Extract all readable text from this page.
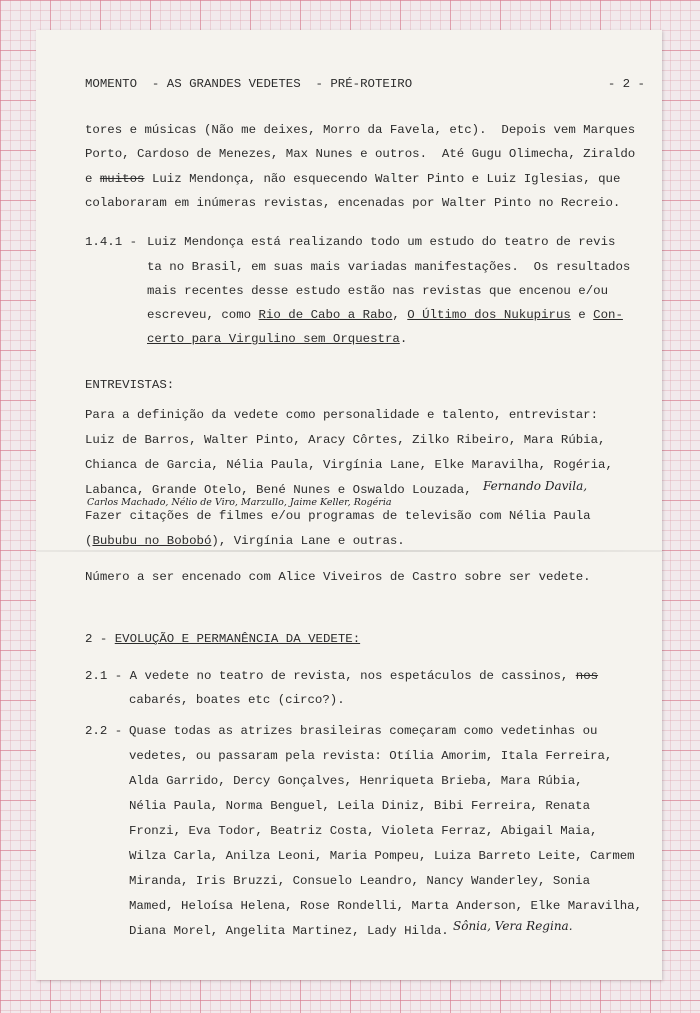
MOMENTO  - AS GRANDES VEDETES  - PRÉ-ROTEIRO	- 2 -
tores e músicas (Não me deixes, Morro da Favela, etc).  Depois vem Marques
Porto, Cardoso de Menezes, Max Nunes e outros.  Até Gugu Olimecha, Ziraldo
e muitos Luiz Mendonça, não esquecendo Walter Pinto e Luiz Iglesias, que
colaboraram em inúmeras revistas, encenadas por Walter Pinto no Recreio.
1.4.1 - Luiz Mendonça está realizando todo um estudo do teatro de revis
ta no Brasil, em suas mais variadas manifestações.  Os resultados
mais recentes desse estudo estão nas revistas que encenou e/ou
escreveu, como Rio de Cabo a Rabo, O Último dos Nukupirus e Con-
certo para Virgulino sem Orquestra.
ENTREVISTAS:
Para a definição da vedete como personalidade e talento, entrevistar:
Luiz de Barros, Walter Pinto, Aracy Côrtes, Zilko Ribeiro, Mara Rúbia,
Chianca de Garcia, Nélia Paula, Virgínia Lane, Elke Maravilha, Rogéria,
Labanca, Grande Otelo, Bené Nunes e Oswaldo Louzada, Fernando Davila,
Carlos Machado, Nélio de Viro, Marzullo, Jaime Keller, Rogéria
Fazer citações de filmes e/ou programas de televisão com Nélia Paula
(Bububu no Bobobó), Virgínia Lane e outras.
Número a ser encenado com Alice Viveiros de Castro sobre ser vedete.
2 - EVOLUÇÃO E PERMANÊNCIA DA VEDETE:
2.1 - A vedete no teatro de revista, nos espetáculos de cassinos, nos
cabarés, boates etc (circo?).
2.2 - Quase todas as atrizes brasileiras começaram como vedetinhas ou
vedetes, ou passaram pela revista: Otília Amorim, Itala Ferreira,
Alda Garrido, Dercy Gonçalves, Henriqueta Brieba, Mara Rúbia,
Nélia Paula, Norma Benguel, Leila Diniz, Bibi Ferreira, Renata
Fronzi, Eva Todor, Beatriz Costa, Violeta Ferraz, Abigail Maia,
Wilza Carla, Anilza Leoni, Maria Pompeu, Luiza Barreto Leite, Carmem
Miranda, Iris Bruzzi, Consuelo Leandro, Nancy Wanderley, Sonia
Mamed, Heloísa Helena, Rose Rondelli, Marta Anderson, Elke Maravilha,
Diana Morel, Angelita Martinez, Lady Hilda. Sônia, Vera Regina.
